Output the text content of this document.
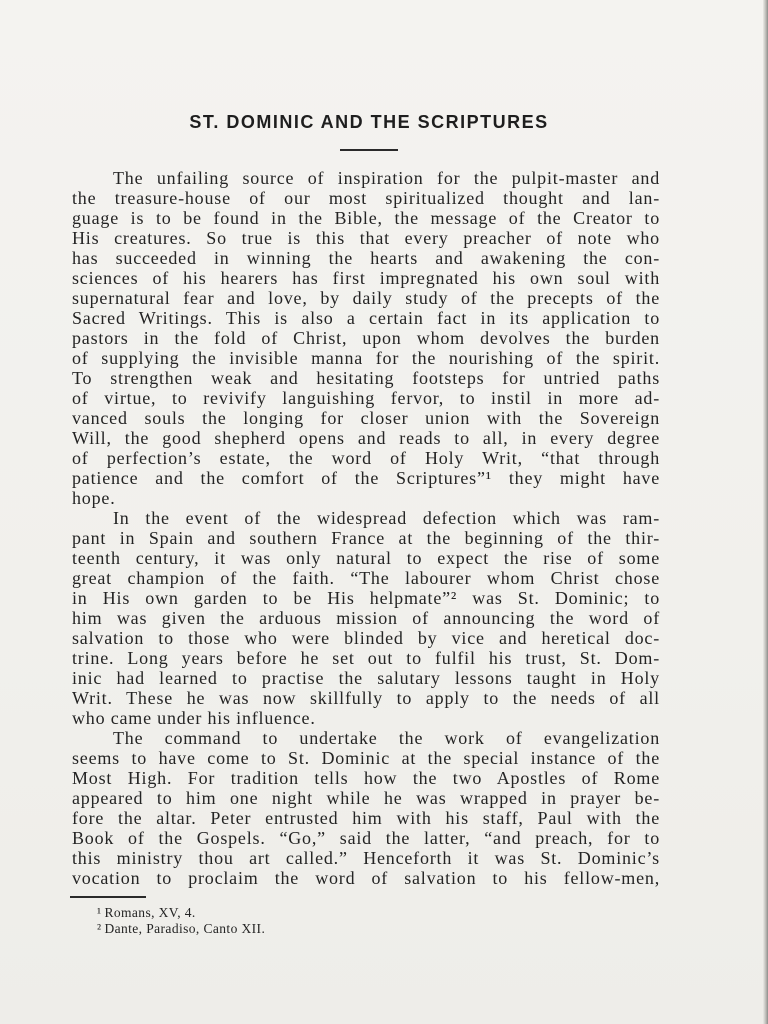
ST. DOMINIC AND THE SCRIPTURES
The unfailing source of inspiration for the pulpit-master and
the treasure-house of our most spiritualized thought and lan-
guage is to be found in the Bible, the message of the Creator to
His creatures. So true is this that every preacher of note who
has succeeded in winning the hearts and awakening the con-
sciences of his hearers has first impregnated his own soul with
supernatural fear and love, by daily study of the precepts of the
Sacred Writings. This is also a certain fact in its application to
pastors in the fold of Christ, upon whom devolves the burden
of supplying the invisible manna for the nourishing of the spirit.
To strengthen weak and hesitating footsteps for untried paths
of virtue, to revivify languishing fervor, to instil in more ad-
vanced souls the longing for closer union with the Sovereign
Will, the good shepherd opens and reads to all, in every degree
of perfection’s estate, the word of Holy Writ, “that through
patience and the comfort of the Scriptures”¹ they might have
hope.
In the event of the widespread defection which was ram-
pant in Spain and southern France at the beginning of the thir-
teenth century, it was only natural to expect the rise of some
great champion of the faith. “The labourer whom Christ chose
in His own garden to be His helpmate”² was St. Dominic; to
him was given the arduous mission of announcing the word of
salvation to those who were blinded by vice and heretical doc-
trine. Long years before he set out to fulfil his trust, St. Dom-
inic had learned to practise the salutary lessons taught in Holy
Writ. These he was now skillfully to apply to the needs of all
who came under his influence.
The command to undertake the work of evangelization
seems to have come to St. Dominic at the special instance of the
Most High. For tradition tells how the two Apostles of Rome
appeared to him one night while he was wrapped in prayer be-
fore the altar. Peter entrusted him with his staff, Paul with the
Book of the Gospels. “Go,” said the latter, “and preach, for to
this ministry thou art called.” Henceforth it was St. Dominic’s
vocation to proclaim the word of salvation to his fellow-men,
¹ Romans, XV, 4.
² Dante, Paradiso, Canto XII.
